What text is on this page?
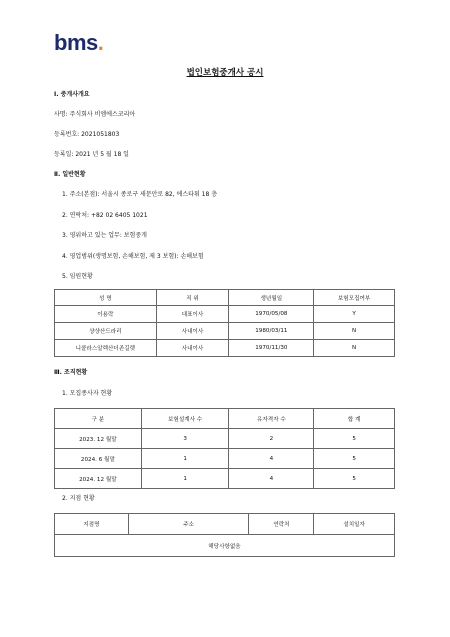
bms.
법인보험중개사 공시
Ⅰ. 중개사개요
사명: 주식회사 비엠에스코리아
등록번호: 2021051803
등록일: 2021 년 5 월 18 일
Ⅱ. 일반현황
1. 주소(본점): 서울시 종로구 새문안로 82, 에스타워 18 층
2. 연락처: +82 02 6405 1021
3. 영위하고 있는 업무: 보험중개
4. 영업범위(생명보험, 손해보험, 제 3 보험): 손해보험
5. 임원현황
성 명	직 위	생년월일	보험모집여부
이용락	대표이사	1970/05/08	Y
샹샹산드라리	사내이사	1980/03/11	N
니콜라스알렉산더존길렛	사내이사	1970/11/30	N
Ⅲ. 조직현황
1. 모집종사자 현황
구 분	보험설계사 수	유자격자 수	합 계
2023. 12 월말	3	2	5
2024. 6 월말	1	4	5
2024. 12 월말	1	4	5
2. 지점 현황
지점명	주소	연락처	설치일자
해당사항없음
